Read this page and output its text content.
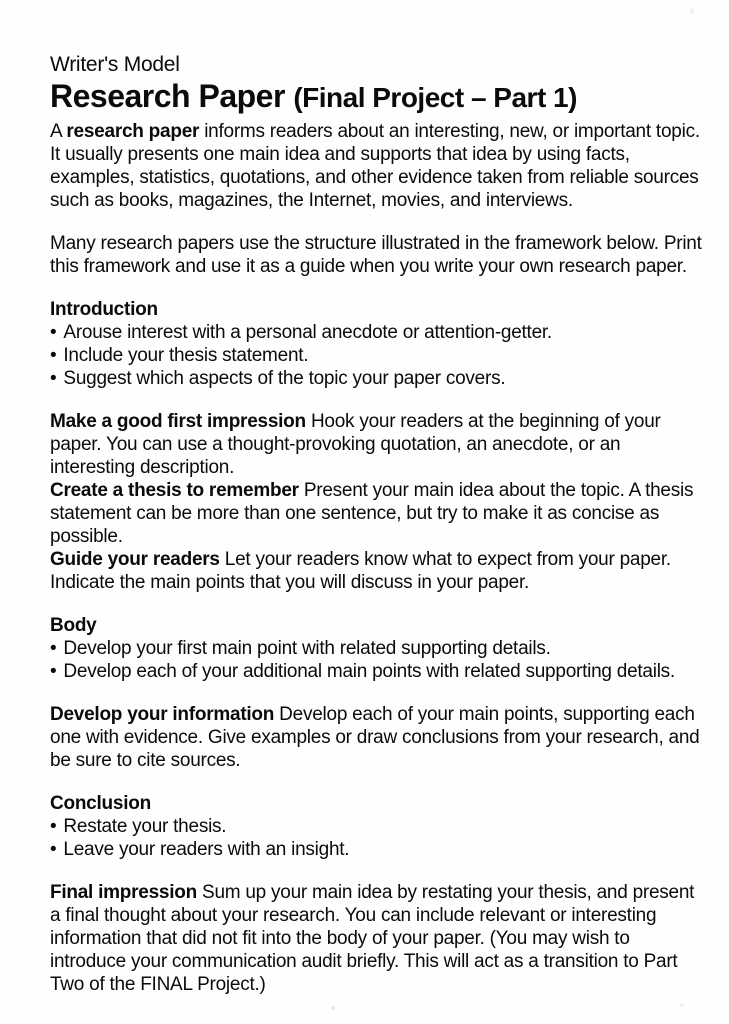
Writer's Model
Research Paper (Final Project – Part 1)

A research paper informs readers about an interesting, new, or important topic. It usually presents one main idea and supports that idea by using facts, examples, statistics, quotations, and other evidence taken from reliable sources such as books, magazines, the Internet, movies, and interviews.

Many research papers use the structure illustrated in the framework below. Print this framework and use it as a guide when you write your own research paper.

Introduction
• Arouse interest with a personal anecdote or attention-getter.
• Include your thesis statement.
• Suggest which aspects of the topic your paper covers.

Make a good first impression Hook your readers at the beginning of your paper. You can use a thought-provoking quotation, an anecdote, or an interesting description.

Create a thesis to remember Present your main idea about the topic. A thesis statement can be more than one sentence, but try to make it as concise as possible.

Guide your readers Let your readers know what to expect from your paper. Indicate the main points that you will discuss in your paper.

Body
• Develop your first main point with related supporting details.
• Develop each of your additional main points with related supporting details.

Develop your information Develop each of your main points, supporting each one with evidence. Give examples or draw conclusions from your research, and be sure to cite sources.

Conclusion
• Restate your thesis.
• Leave your readers with an insight.

Final impression Sum up your main idea by restating your thesis, and present a final thought about your research. You can include relevant or interesting information that did not fit into the body of your paper. (You may wish to introduce your communication audit briefly. This will act as a transition to Part Two of the FINAL Project.)
